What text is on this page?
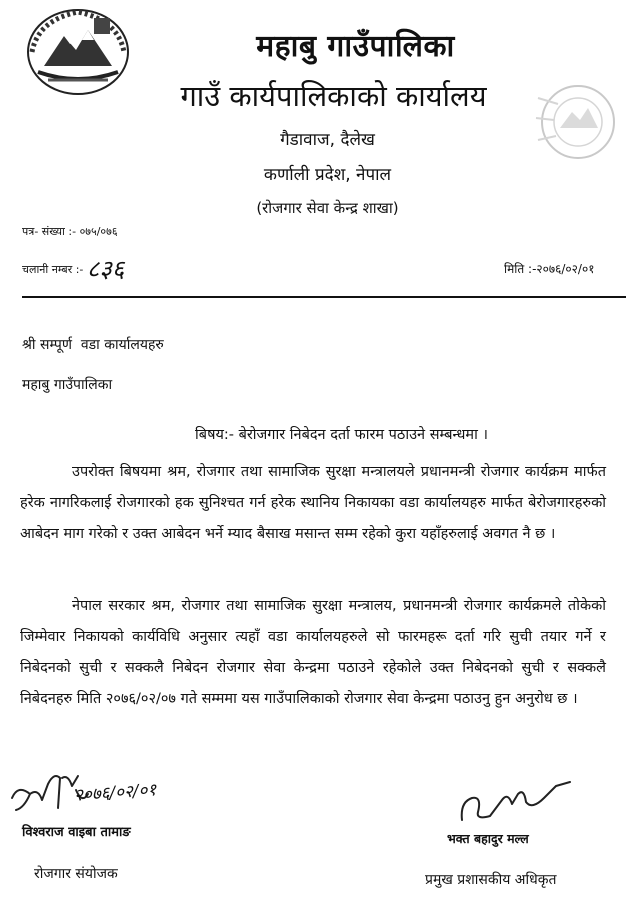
महाबु गाउँपालिका
गाउँ कार्यपालिकाको कार्यालय
गैडावाज, दैलेख
कर्णाली प्रदेश, नेपाल
(रोजगार सेवा केन्द्र शाखा)
पत्र- संख्या :- ०७५/०७६
चलानी नम्बर :- ८३६	मिति :-२०७६/०२/०१
श्री सम्पूर्ण  वडा कार्यालयहरु
महाबु गाउँपालिका
बिषय:- बेरोजगार निबेदन दर्ता फारम पठाउने सम्बन्धमा ।
उपरोक्त बिषयमा श्रम, रोजगार तथा सामाजिक सुरक्षा मन्त्रालयले प्रधानमन्त्री रोजगार कार्यक्रम मार्फत हरेक नागरिकलाई रोजगारको हक सुनिश्चत गर्न हरेक स्थानिय निकायका वडा कार्यालयहरु मार्फत बेरोजगारहरुको आबेदन माग गरेको र उक्त आबेदन भर्ने म्याद बैसाख मसान्त सम्म रहेको कुरा यहाँहरुलाई अवगत नै छ ।
नेपाल सरकार श्रम, रोजगार तथा सामाजिक सुरक्षा मन्त्रालय, प्रधानमन्त्री रोजगार कार्यक्रमले तोकेको जिम्मेवार निकायको कार्यविधि अनुसार त्यहाँ वडा कार्यालयहरुले सो फारमहरू दर्ता गरि सुची तयार गर्ने र निबेदनको सुची र सक्कलै निबेदन रोजगार सेवा केन्द्रमा पठाउने रहेकोले उक्त निबेदनको सुची र सक्कलै निबेदनहरु मिति २०७६/०२/०७ गते सम्ममा यस गाउँपालिकाको रोजगार सेवा केन्द्रमा पठाउनु हुन अनुरोध छ ।
२०७६/०२/०१
विश्वराज वाइबा तामाङ
रोजगार संयोजक
भक्त बहादुर मल्ल
प्रमुख प्रशासकीय अधिकृत
